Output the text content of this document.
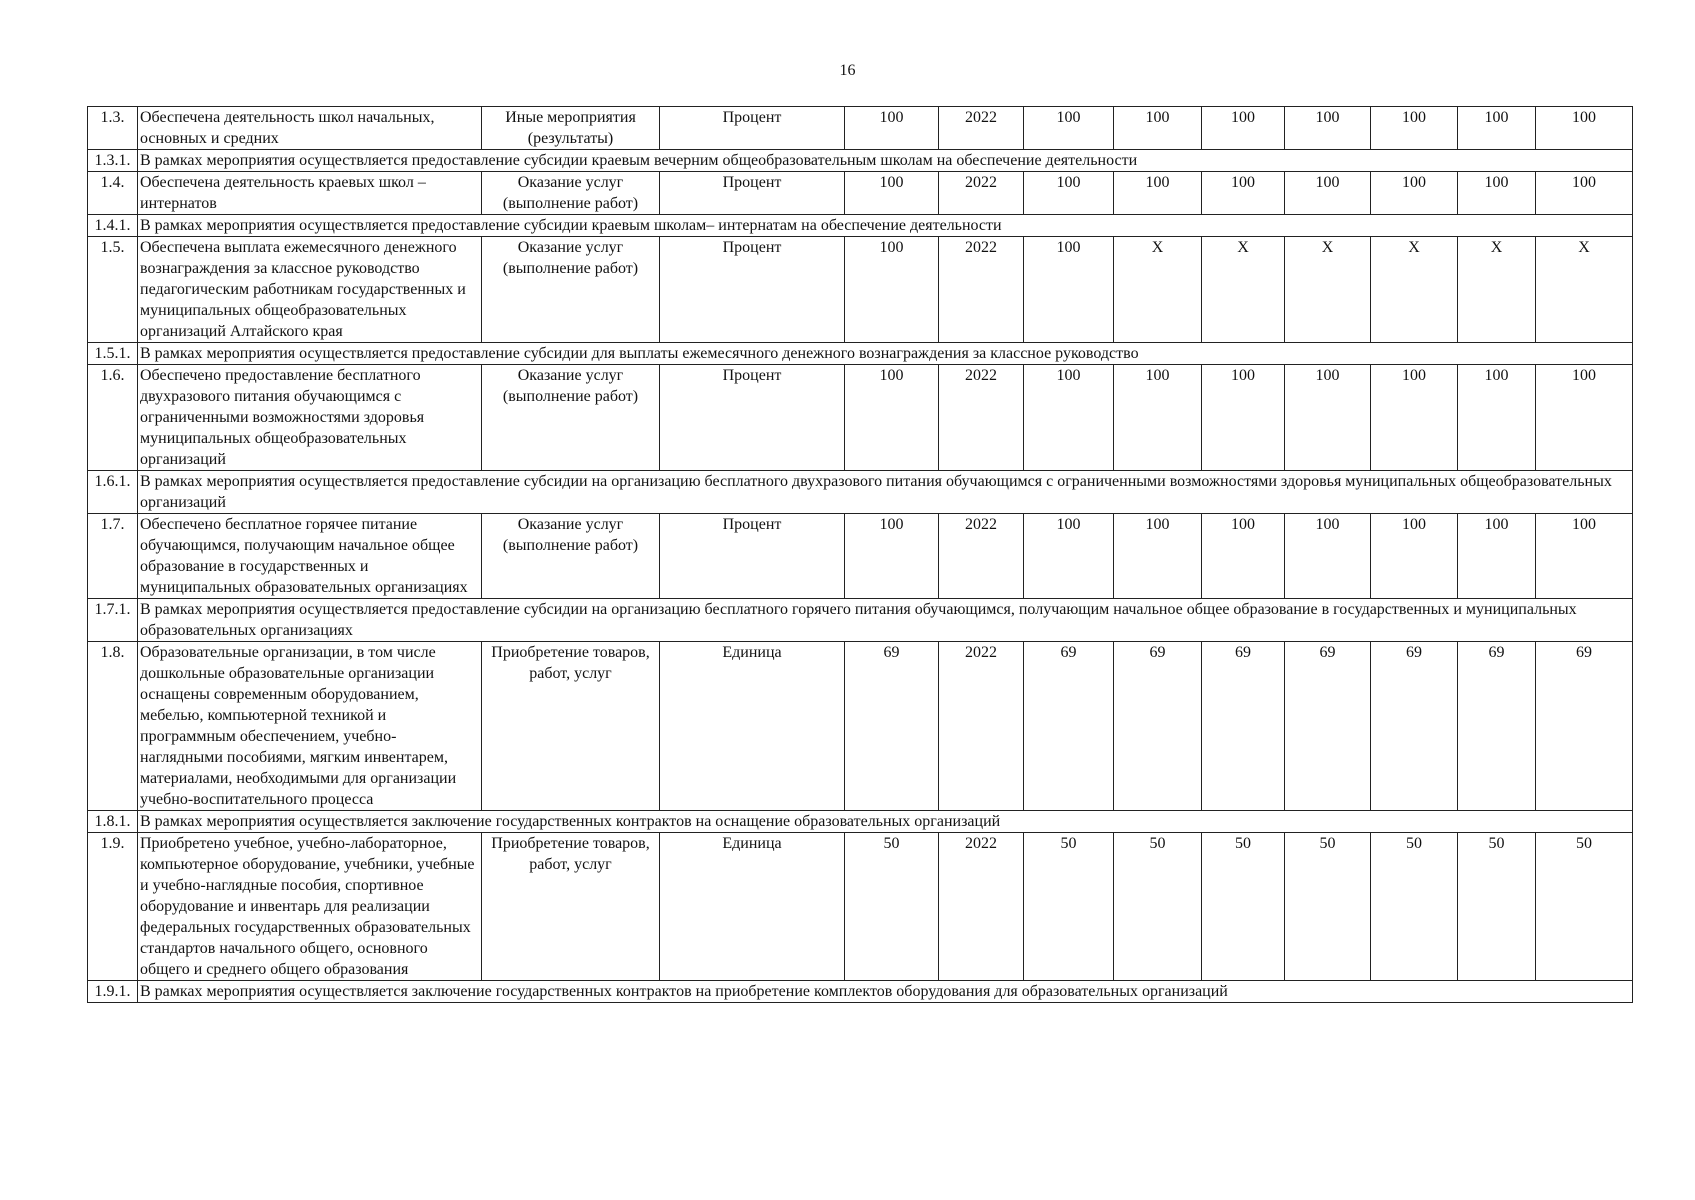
16
1.3.	Обеспечена деятельность школ начальных, основных и средних	Иные мероприятия (результаты)	Процент	100	2022	100	100	100	100	100	100	100
1.3.1.	В рамках мероприятия осуществляется предоставление субсидии краевым вечерним общеобразовательным школам на обеспечение деятельности											
1.4.	Обеспечена деятельность краевых школ – интернатов	Оказание услуг (выполнение работ)	Процент	100	2022	100	100	100	100	100	100	100
1.4.1.	В рамках мероприятия осуществляется предоставление субсидии краевым школам– интернатам на обеспечение деятельности											
1.5.	Обеспечена выплата ежемесячного денежного вознаграждения за классное руководство педагогическим работникам государственных и муниципальных общеобразовательных организаций Алтайского края	Оказание услуг (выполнение работ)	Процент	100	2022	100	X	X	X	X	X	X
1.5.1.	В рамках мероприятия осуществляется предоставление субсидии для выплаты ежемесячного денежного вознаграждения за классное руководство											
1.6.	Обеспечено предоставление бесплатного двухразового питания обучающимся с ограниченными возможностями здоровья муниципальных общеобразовательных организаций	Оказание услуг (выполнение работ)	Процент	100	2022	100	100	100	100	100	100	100
1.6.1.	В рамках мероприятия осуществляется предоставление субсидии на организацию бесплатного двухразового питания обучающимся с ограниченными возможностями здоровья муниципальных общеобразовательных организаций											
1.7.	Обеспечено бесплатное горячее питание обучающимся, получающим начальное общее образование в государственных и муниципальных образовательных организациях	Оказание услуг (выполнение работ)	Процент	100	2022	100	100	100	100	100	100	100
1.7.1.	В рамках мероприятия осуществляется предоставление субсидии на организацию бесплатного горячего питания обучающимся, получающим начальное общее образование в государственных и муниципальных образовательных организациях											
1.8.	Образовательные организации, в том числе дошкольные образовательные организации оснащены современным оборудованием, мебелью, компьютерной техникой и программным обеспечением, учебно-наглядными пособиями, мягким инвентарем, материалами, необходимыми для организации учебно-воспитательного процесса	Приобретение товаров, работ, услуг	Единица	69	2022	69	69	69	69	69	69	69
1.8.1.	В рамках мероприятия осуществляется заключение государственных контрактов на оснащение образовательных организаций											
1.9.	Приобретено учебное, учебно-лабораторное, компьютерное оборудование, учебники, учебные и учебно-наглядные пособия, спортивное оборудование и инвентарь для реализации федеральных государственных образовательных стандартов начального общего, основного общего и среднего общего образования	Приобретение товаров, работ, услуг	Единица	50	2022	50	50	50	50	50	50	50
1.9.1.	В рамках мероприятия осуществляется заключение государственных контрактов на приобретение комплектов оборудования для образовательных организаций											
